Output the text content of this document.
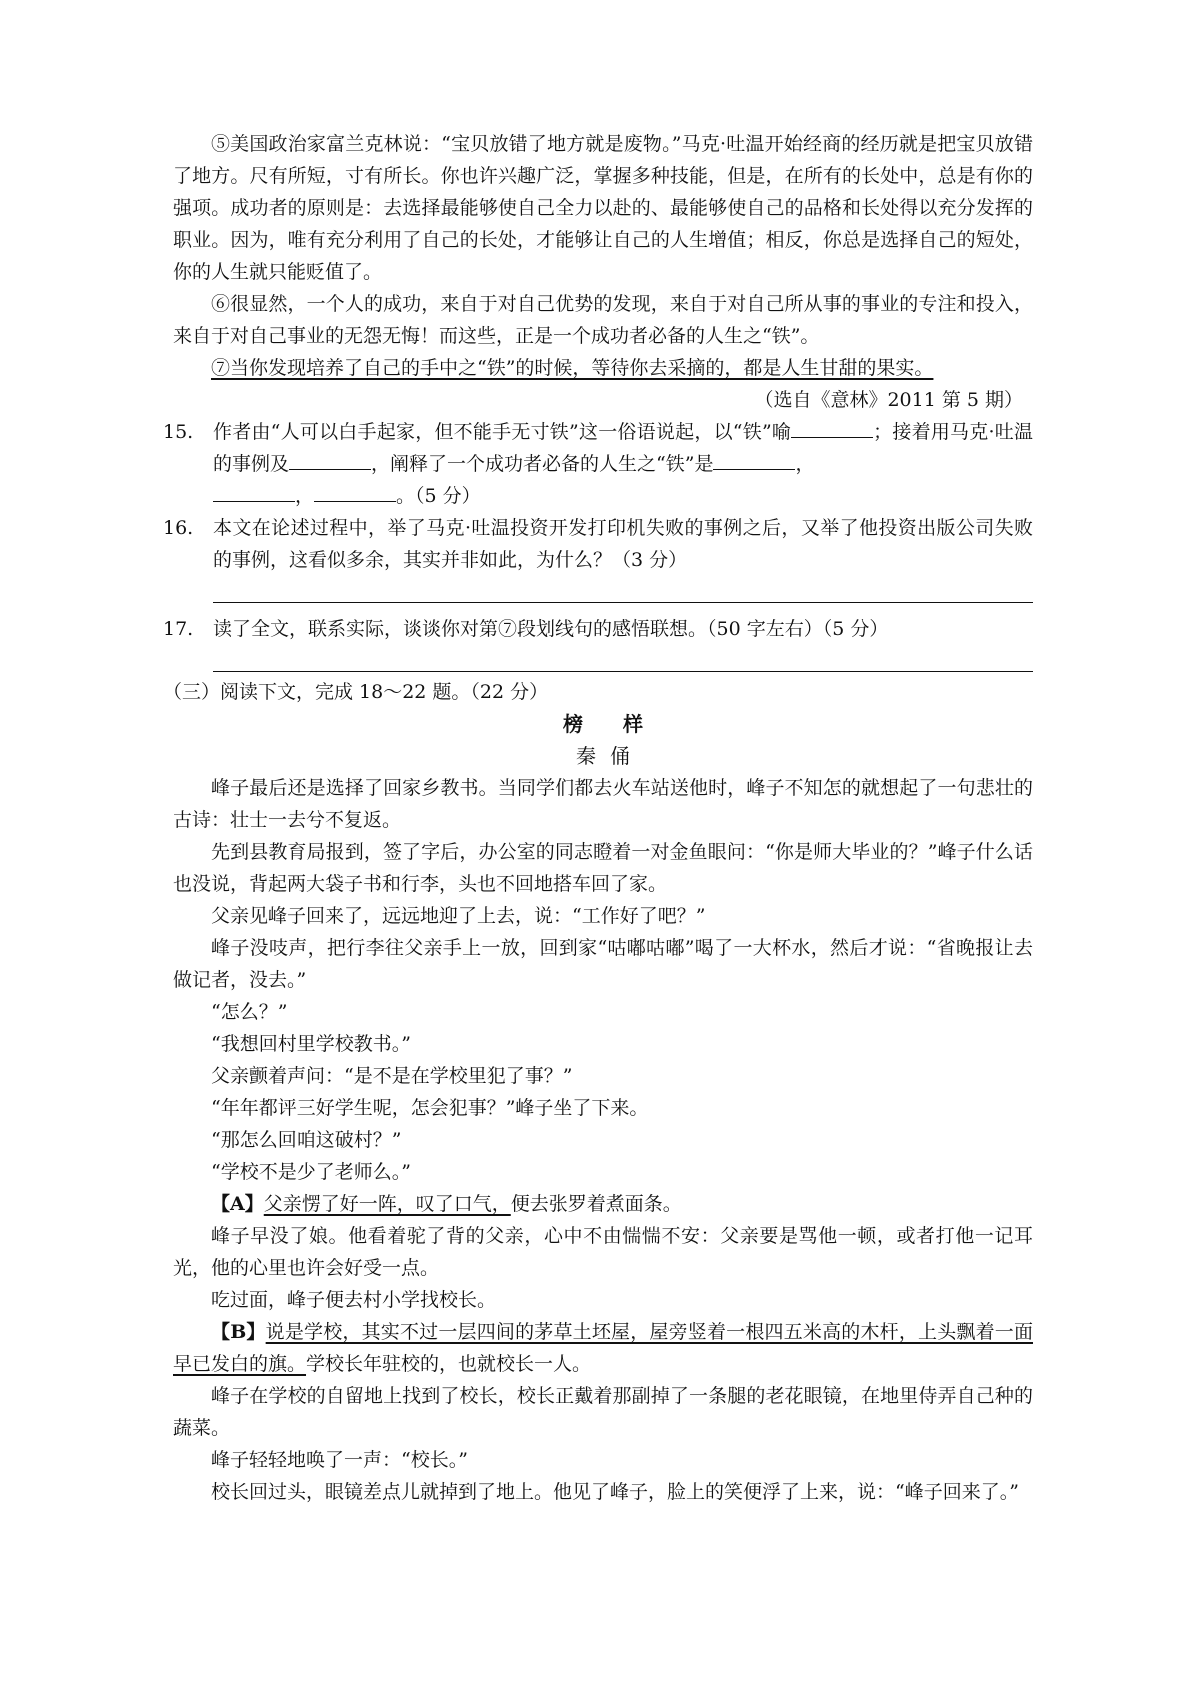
⑤美国政治家富兰克林说：“宝贝放错了地方就是废物。”马克·吐温开始经商的经历就是把宝贝放错了地方。尺有所短，寸有所长。你也许兴趣广泛，掌握多种技能，但是，在所有的长处中，总是有你的强项。成功者的原则是：去选择最能够使自己全力以赴的、最能够使自己的品格和长处得以充分发挥的职业。因为，唯有充分利用了自己的长处，才能够让自己的人生增值；相反，你总是选择自己的短处，你的人生就只能贬值了。

⑥很显然，一个人的成功，来自于对自己优势的发现，来自于对自己所从事的事业的专注和投入，来自于对自己事业的无怨无悔！而这些，正是一个成功者必备的人生之“铁”。

⑦当你发现培养了自己的手中之“铁”的时候，等待你去采摘的，都是人生甘甜的果实。

（选自《意林》2011 第 5 期）

15. 作者由“人可以白手起家，但不能手无寸铁”这一俗语说起，以“铁”喻	；接着用马克·吐温的事例及	，阐释了一个成功者必备的人生之“铁”是	，
，	。（5 分）

16. 本文在论述过程中，举了马克·吐温投资开发打印机失败的事例之后，又举了他投资出版公司失败的事例，这看似多余，其实并非如此，为什么？（3 分）

17. 读了全文，联系实际，谈谈你对第⑦段划线句的感悟联想。（50 字左右）（5 分）

（三）阅读下文，完成 18～22 题。（22 分）

榜样

秦俑

峰子最后还是选择了回家乡教书。当同学们都去火车站送他时，峰子不知怎的就想起了一句悲壮的古诗：壮士一去兮不复返。

先到县教育局报到，签了字后，办公室的同志瞪着一对金鱼眼问：“你是师大毕业的？”峰子什么话也没说，背起两大袋子书和行李，头也不回地搭车回了家。

父亲见峰子回来了，远远地迎了上去，说：“工作好了吧？”

峰子没吱声，把行李往父亲手上一放，回到家“咕嘟咕嘟”喝了一大杯水，然后才说：“省晚报让去做记者，没去。”

“怎么？”

“我想回村里学校教书。”

父亲颤着声问：“是不是在学校里犯了事？”

“年年都评三好学生呢，怎会犯事？”峰子坐了下来。

“那怎么回咱这破村？”

“学校不是少了老师么。”

【A】父亲愣了好一阵，叹了口气，便去张罗着煮面条。

峰子早没了娘。他看着驼了背的父亲，心中不由惴惴不安：父亲要是骂他一顿，或者打他一记耳光，他的心里也许会好受一点。

吃过面，峰子便去村小学找校长。

【B】说是学校，其实不过一层四间的茅草土坯屋，屋旁竖着一根四五米高的木杆，上头飘着一面早已发白的旗。学校长年驻校的，也就校长一人。

峰子在学校的自留地上找到了校长，校长正戴着那副掉了一条腿的老花眼镜，在地里侍弄自己种的蔬菜。

峰子轻轻地唤了一声：“校长。”

校长回过头，眼镜差点儿就掉到了地上。他见了峰子，脸上的笑便浮了上来，说：“峰子回来了。”
